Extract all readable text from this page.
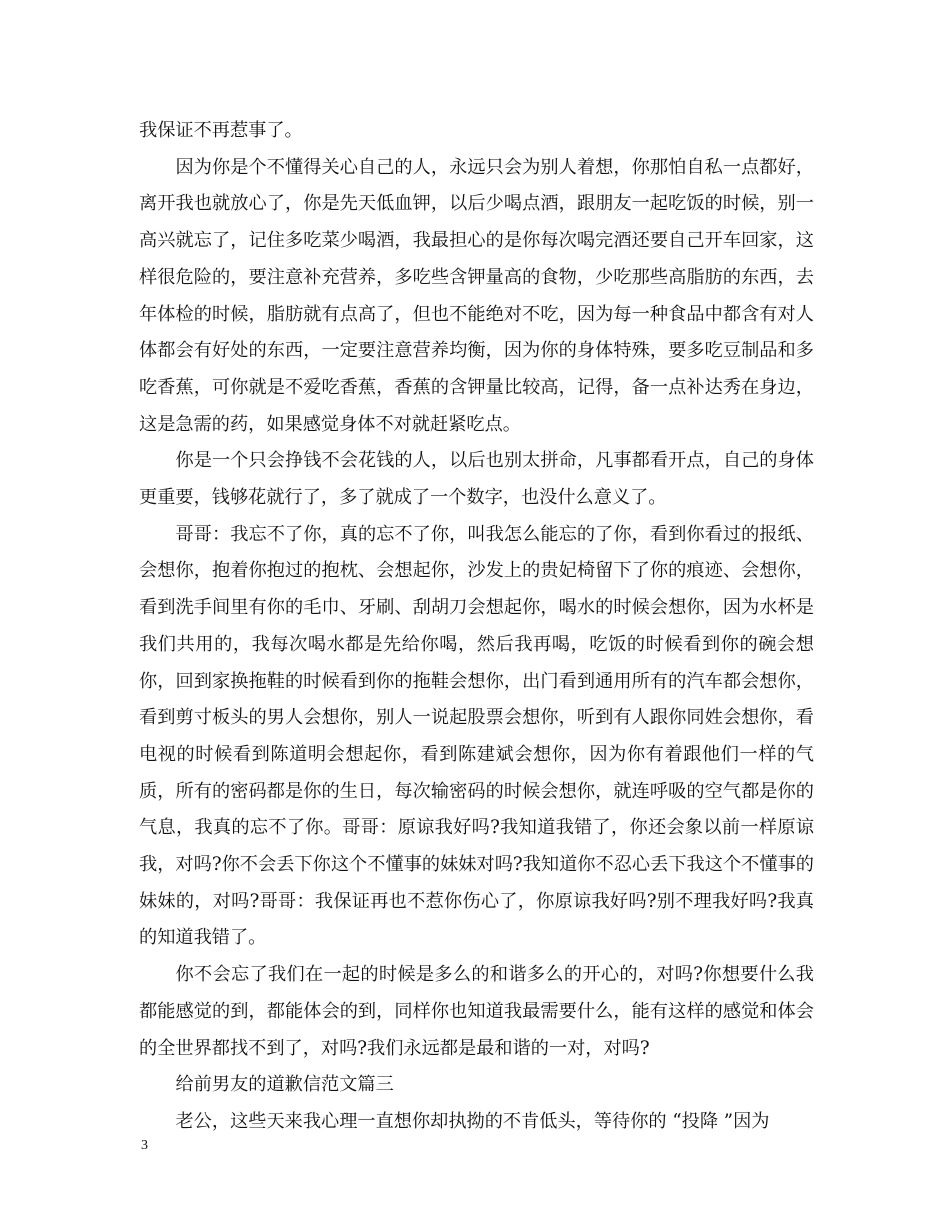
我保证不再惹事了。

因为你是个不懂得关心自己的人，永远只会为别人着想，你那怕自私一点都好，离开我也就放心了，你是先天低血钾，以后少喝点酒，跟朋友一起吃饭的时候，别一高兴就忘了，记住多吃菜少喝酒，我最担心的是你每次喝完酒还要自己开车回家，这样很危险的，要注意补充营养，多吃些含钾量高的食物，少吃那些高脂肪的东西，去年体检的时候，脂肪就有点高了，但也不能绝对不吃，因为每一种食品中都含有对人体都会有好处的东西，一定要注意营养均衡，因为你的身体特殊，要多吃豆制品和多吃香蕉，可你就是不爱吃香蕉，香蕉的含钾量比较高，记得，备一点补达秀在身边，这是急需的药，如果感觉身体不对就赶紧吃点。

你是一个只会挣钱不会花钱的人，以后也别太拼命，凡事都看开点，自己的身体更重要，钱够花就行了，多了就成了一个数字，也没什么意义了。

哥哥：我忘不了你，真的忘不了你，叫我怎么能忘的了你，看到你看过的报纸、会想你，抱着你抱过的抱枕、会想起你，沙发上的贵妃椅留下了你的痕迹、会想你，看到洗手间里有你的毛巾、牙刷、刮胡刀会想起你，喝水的时候会想你，因为水杯是我们共用的，我每次喝水都是先给你喝，然后我再喝，吃饭的时候看到你的碗会想你，回到家换拖鞋的时候看到你的拖鞋会想你，出门看到通用所有的汽车都会想你，看到剪寸板头的男人会想你，别人一说起股票会想你，听到有人跟你同姓会想你，看电视的时候看到陈道明会想起你，看到陈建斌会想你，因为你有着跟他们一样的气质，所有的密码都是你的生日，每次输密码的时候会想你，就连呼吸的空气都是你的气息，我真的忘不了你。哥哥：原谅我好吗?我知道我错了，你还会象以前一样原谅我，对吗?你不会丢下你这个不懂事的妹妹对吗?我知道你不忍心丢下我这个不懂事的妹妹的，对吗?哥哥：我保证再也不惹你伤心了，你原谅我好吗?别不理我好吗?我真的知道我错了。

你不会忘了我们在一起的时候是多么的和谐多么的开心的，对吗?你想要什么我都能感觉的到，都能体会的到，同样你也知道我最需要什么，能有这样的感觉和体会的全世界都找不到了，对吗?我们永远都是最和谐的一对，对吗?

给前男友的道歉信范文篇三

老公，这些天来我心理一直想你却执拗的不肯低头，等待你的 “投降 ”因为

3
